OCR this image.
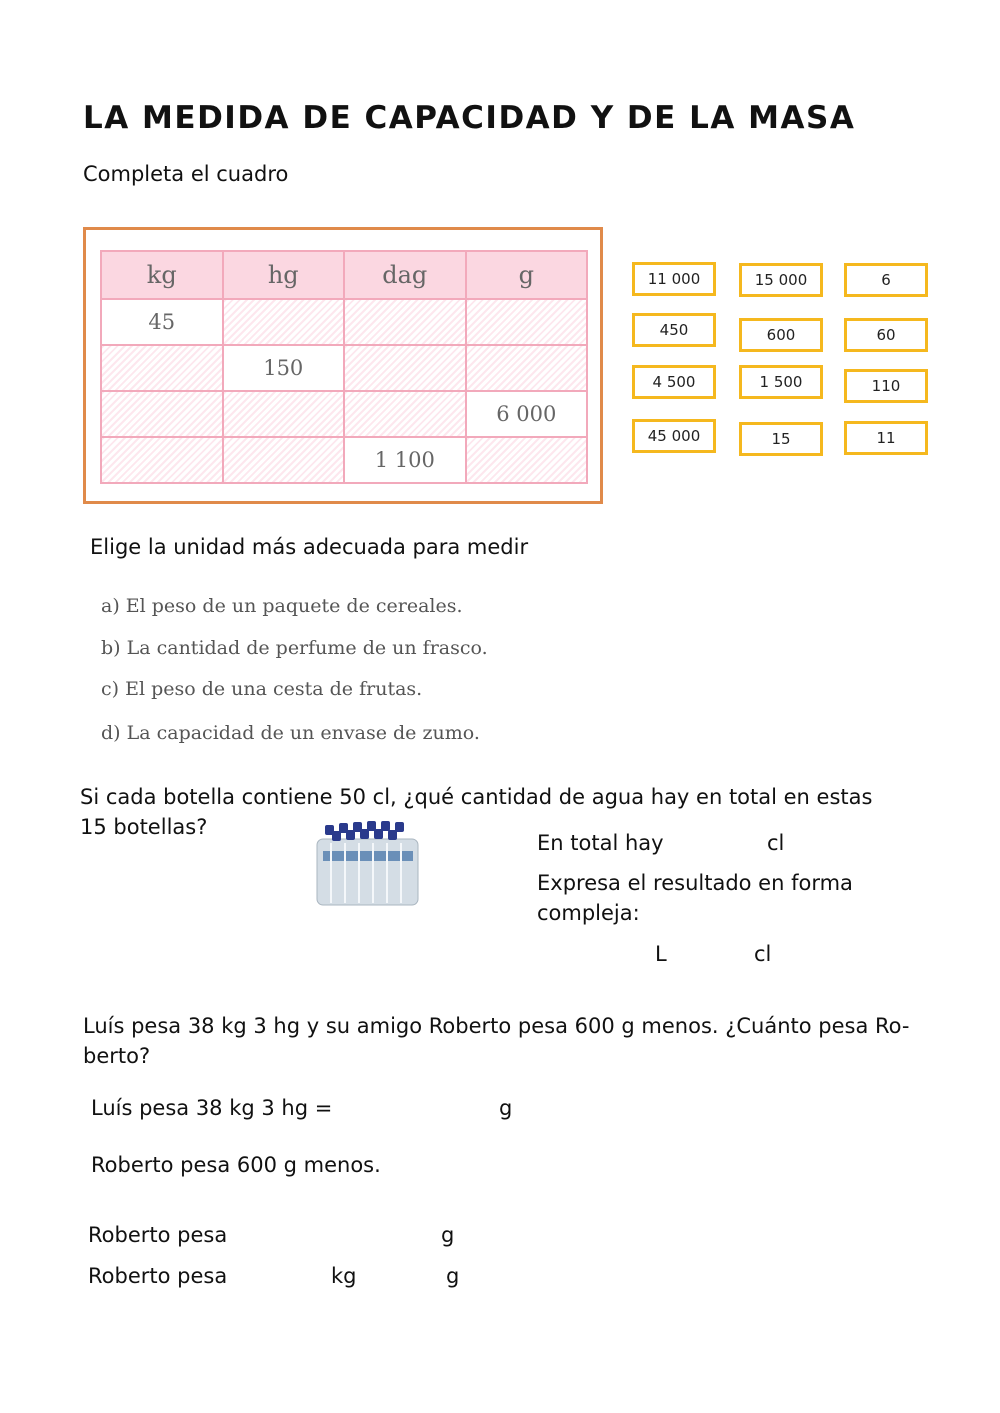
LA MEDIDA DE CAPACIDAD Y DE LA MASA
Completa el cuadro
kg	hg	dag	g
45			
	150		
			6 000
		1 100	
11 000	15 000	6
450	600	60
4 500	1 500	110
45 000	15	11
Elige la unidad más adecuada para medir
a) El peso de un paquete de cereales.
b) La cantidad de perfume de un frasco.
c) El peso de una cesta de frutas.
d) La capacidad de un envase de zumo.
Si cada botella contiene 50 cl, ¿qué cantidad de agua hay en total en estas
15 botellas?
En total hay	cl
Expresa el resultado en forma
compleja:
L	cl
Luís pesa 38 kg 3 hg y su amigo Roberto pesa 600 g menos. ¿Cuánto pesa Ro-
berto?
Luís pesa 38 kg 3 hg =	g
Roberto pesa 600 g menos.
Roberto pesa	g
Roberto pesa	kg	g
